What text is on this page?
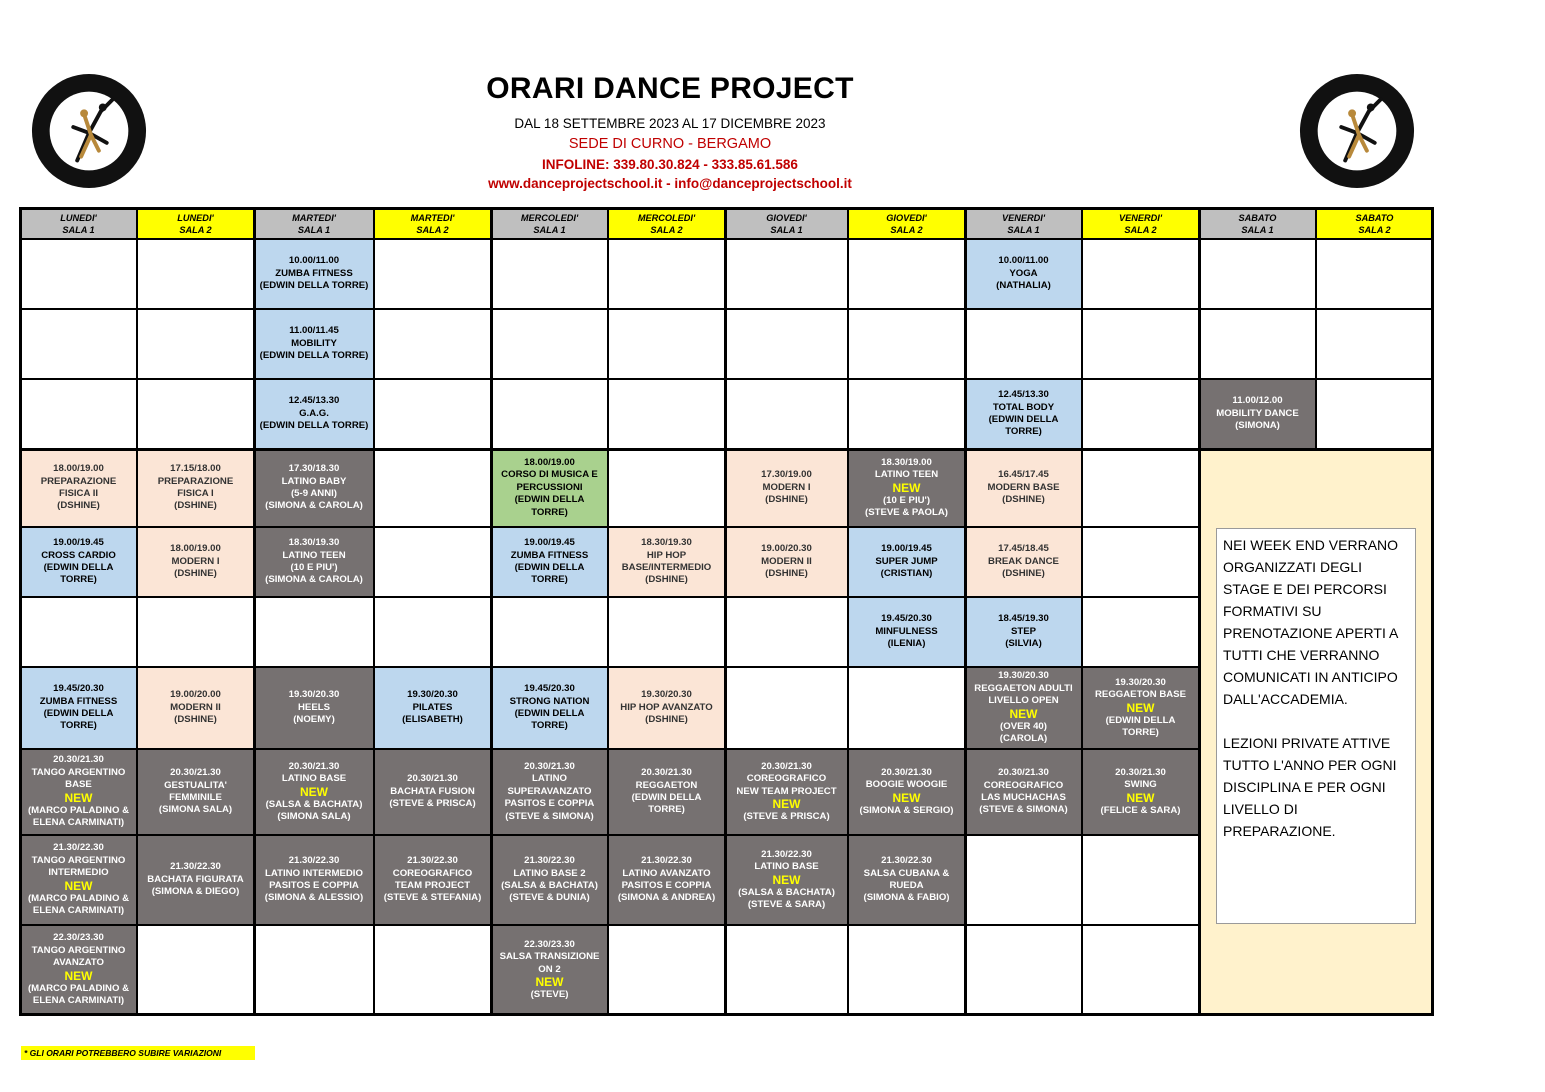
ORARI DANCE PROJECT
DAL 18 SETTEMBRE 2023 AL 17 DICEMBRE 2023
SEDE DI CURNO - BERGAMO
INFOLINE: 339.80.30.824 - 333.85.61.586
www.danceprojectschool.it - info@danceprojectschool.it
LUNEDI'
SALA 1
LUNEDI'
SALA 2
MARTEDI'
SALA 1
MARTEDI'
SALA 2
MERCOLEDI'
SALA 1
MERCOLEDI'
SALA 2
GIOVEDI'
SALA 1
GIOVEDI'
SALA 2
VENERDI'
SALA 1
VENERDI'
SALA 2
SABATO
SALA 1
SABATO
SALA 2
10.00/11.00
ZUMBA FITNESS
(EDWIN DELLA TORRE)
10.00/11.00
YOGA
(NATHALIA)
11.00/11.45
MOBILITY
(EDWIN DELLA TORRE)
12.45/13.30
G.A.G.
(EDWIN DELLA TORRE)
12.45/13.30
TOTAL BODY
(EDWIN DELLA
TORRE)
11.00/12.00
MOBILITY DANCE
(SIMONA)
18.00/19.00
PREPARAZIONE
FISICA II
(DSHINE)
17.15/18.00
PREPARAZIONE
FISICA I
(DSHINE)
17.30/18.30
LATINO BABY
(5-9 ANNI)
(SIMONA & CAROLA)
18.00/19.00
CORSO DI MUSICA E
PERCUSSIONI
(EDWIN DELLA
TORRE)
17.30/19.00
MODERN I
(DSHINE)
18.30/19.00
LATINO TEEN
NEW
(10 E PIU')
(STEVE & PAOLA)
16.45/17.45
MODERN BASE
(DSHINE)
19.00/19.45
CROSS CARDIO
(EDWIN DELLA
TORRE)
18.00/19.00
MODERN I
(DSHINE)
18.30/19.30
LATINO TEEN
(10 E PIU')
(SIMONA & CAROLA)
19.00/19.45
ZUMBA FITNESS
(EDWIN DELLA
TORRE)
18.30/19.30
HIP HOP
BASE/INTERMEDIO
(DSHINE)
19.00/20.30
MODERN II
(DSHINE)
19.00/19.45
SUPER JUMP
(CRISTIAN)
17.45/18.45
BREAK DANCE
(DSHINE)
19.45/20.30
MINFULNESS
(ILENIA)
18.45/19.30
STEP
(SILVIA)
19.45/20.30
ZUMBA FITNESS
(EDWIN DELLA
TORRE)
19.00/20.00
MODERN II
(DSHINE)
19.30/20.30
HEELS
(NOEMY)
19.30/20.30
PILATES
(ELISABETH)
19.45/20.30
STRONG NATION
(EDWIN DELLA
TORRE)
19.30/20.30
HIP HOP AVANZATO
(DSHINE)
19.30/20.30
REGGAETON ADULTI
LIVELLO OPEN
NEW
(OVER 40)
(CAROLA)
19.30/20.30
REGGAETON BASE
NEW
(EDWIN DELLA
TORRE)
20.30/21.30
TANGO ARGENTINO
BASE
NEW
(MARCO PALADINO &
ELENA CARMINATI)
20.30/21.30
GESTUALITA'
FEMMINILE
(SIMONA SALA)
20.30/21.30
LATINO BASE
NEW
(SALSA & BACHATA)
(SIMONA SALA)
20.30/21.30
BACHATA FUSION
(STEVE & PRISCA)
20.30/21.30
LATINO
SUPERAVANZATO
PASITOS E COPPIA
(STEVE & SIMONA)
20.30/21.30
REGGAETON
(EDWIN DELLA
TORRE)
20.30/21.30
COREOGRAFICO
NEW TEAM PROJECT
NEW
(STEVE & PRISCA)
20.30/21.30
BOOGIE WOOGIE
NEW
(SIMONA & SERGIO)
20.30/21.30
COREOGRAFICO
LAS MUCHACHAS
(STEVE & SIMONA)
20.30/21.30
SWING
NEW
(FELICE & SARA)
21.30/22.30
TANGO ARGENTINO
INTERMEDIO
NEW
(MARCO PALADINO &
ELENA CARMINATI)
21.30/22.30
BACHATA FIGURATA
(SIMONA & DIEGO)
21.30/22.30
LATINO INTERMEDIO
PASITOS E COPPIA
(SIMONA & ALESSIO)
21.30/22.30
COREOGRAFICO
TEAM PROJECT
(STEVE & STEFANIA)
21.30/22.30
LATINO BASE 2
(SALSA & BACHATA)
(STEVE & DUNIA)
21.30/22.30
LATINO AVANZATO
PASITOS E COPPIA
(SIMONA & ANDREA)
21.30/22.30
LATINO BASE
NEW
(SALSA & BACHATA)
(STEVE & SARA)
21.30/22.30
SALSA CUBANA &
RUEDA
(SIMONA & FABIO)
22.30/23.30
TANGO ARGENTINO
AVANZATO
NEW
(MARCO PALADINO &
ELENA CARMINATI)
22.30/23.30
SALSA TRANSIZIONE
ON 2
NEW
(STEVE)
NEI WEEK END VERRANO ORGANIZZATI DEGLI STAGE E DEI PERCORSI FORMATIVI SU PRENOTAZIONE APERTI A TUTTI CHE VERRANNO COMUNICATI IN ANTICIPO DALL'ACCADEMIA.

LEZIONI PRIVATE ATTIVE TUTTO L'ANNO PER OGNI DISCIPLINA E PER OGNI LIVELLO DI PREPARAZIONE.
* GLI ORARI POTREBBERO SUBIRE VARIAZIONI
